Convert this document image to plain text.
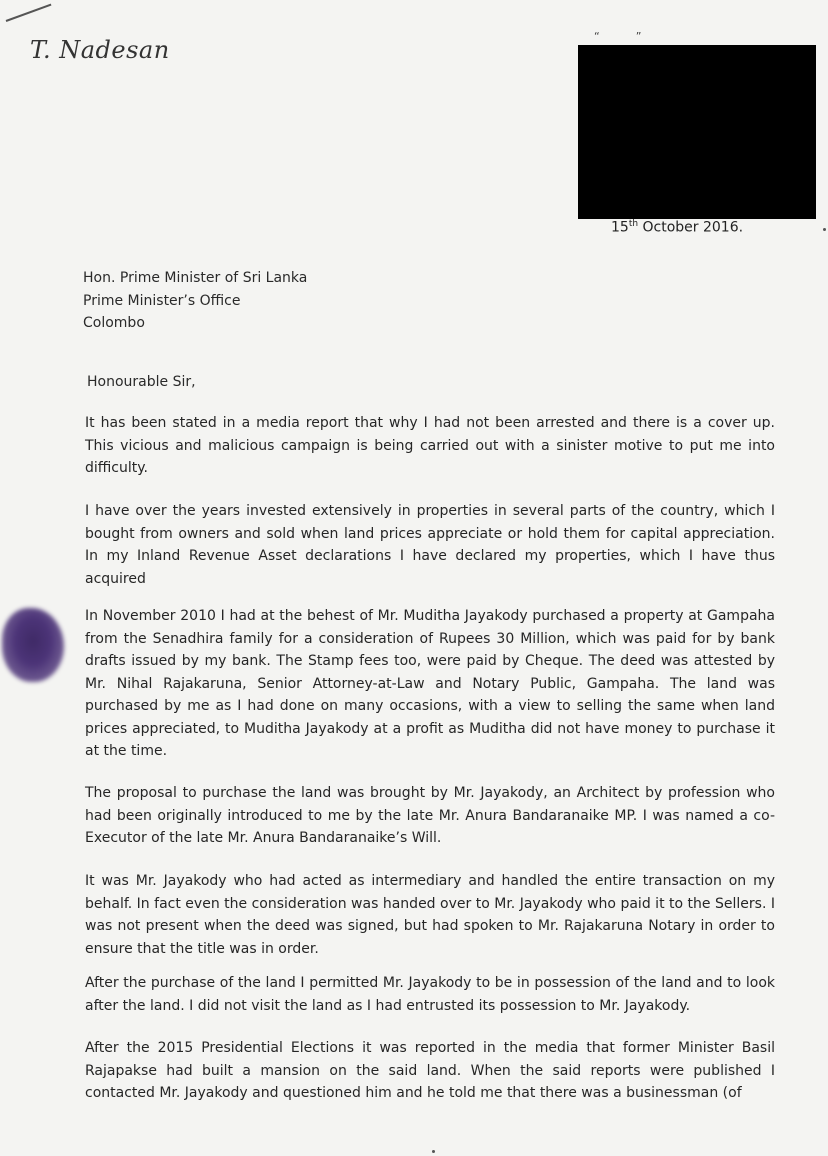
T. Nadesan	“	”
15th October 2016.
Hon. Prime Minister of Sri Lanka
Prime Minister’s Office
Colombo
Honourable Sir,

It has been stated in a media report that why I had not been arrested and there is a cover up. This vicious and malicious campaign is being carried out with a sinister motive to put me into difficulty.

I have over the years invested extensively in properties in several parts of the country, which I bought from owners and sold when land prices appreciate or hold them for capital appreciation. In my Inland Revenue Asset declarations I have declared my properties, which I have thus acquired

In November 2010 I had at the behest of Mr. Muditha Jayakody purchased a property at Gampaha from the Senadhira family for a consideration of Rupees 30 Million, which was paid for by bank drafts issued by my bank. The Stamp fees too, were paid by Cheque. The deed was attested by Mr. Nihal Rajakaruna, Senior Attorney-at-Law and Notary Public, Gampaha. The land was purchased by me as I had done on many occasions, with a view to selling the same when land prices appreciated, to Muditha Jayakody at a profit as Muditha did not have money to purchase it at the time.

The proposal to purchase the land was brought by Mr. Jayakody, an Architect by profession who had been originally introduced to me by the late Mr. Anura Bandaranaike MP. I was named a co-Executor of the late Mr. Anura Bandaranaike’s Will.

It was Mr. Jayakody who had acted as intermediary and handled the entire transaction on my behalf. In fact even the consideration was handed over to Mr. Jayakody who paid it to the Sellers. I was not present when the deed was signed, but had spoken to Mr. Rajakaruna Notary in order to ensure that the title was in order.

After the purchase of the land I permitted Mr. Jayakody to be in possession of the land and to look after the land. I did not visit the land as I had entrusted its possession to Mr. Jayakody.

After the 2015 Presidential Elections it was reported in the media that former Minister Basil Rajapakse had built a mansion on the said land. When the said reports were published I contacted Mr. Jayakody and questioned him and he told me that there was a businessman (of
